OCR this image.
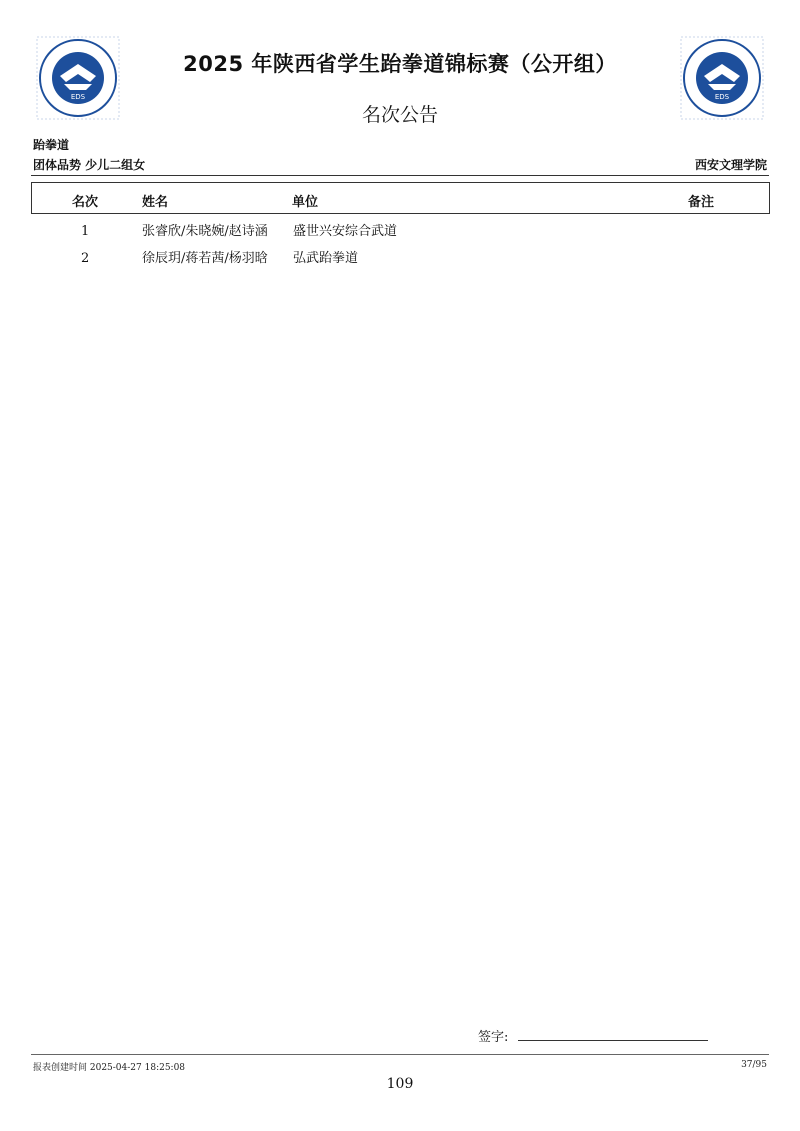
EDS	EDS
2025 年陕西省学生跆拳道锦标赛（公开组）
名次公告
跆拳道
团体品势 少儿二组女	西安文理学院
名次	姓名	单位	备注
1	张睿欣/朱晓婉/赵诗涵 盛世兴安综合武道
2	徐辰玥/蒋若茜/杨羽晗 弘武跆拳道
签字:
报表创建时间 2025-04-27 18:25:08	37/95
109
